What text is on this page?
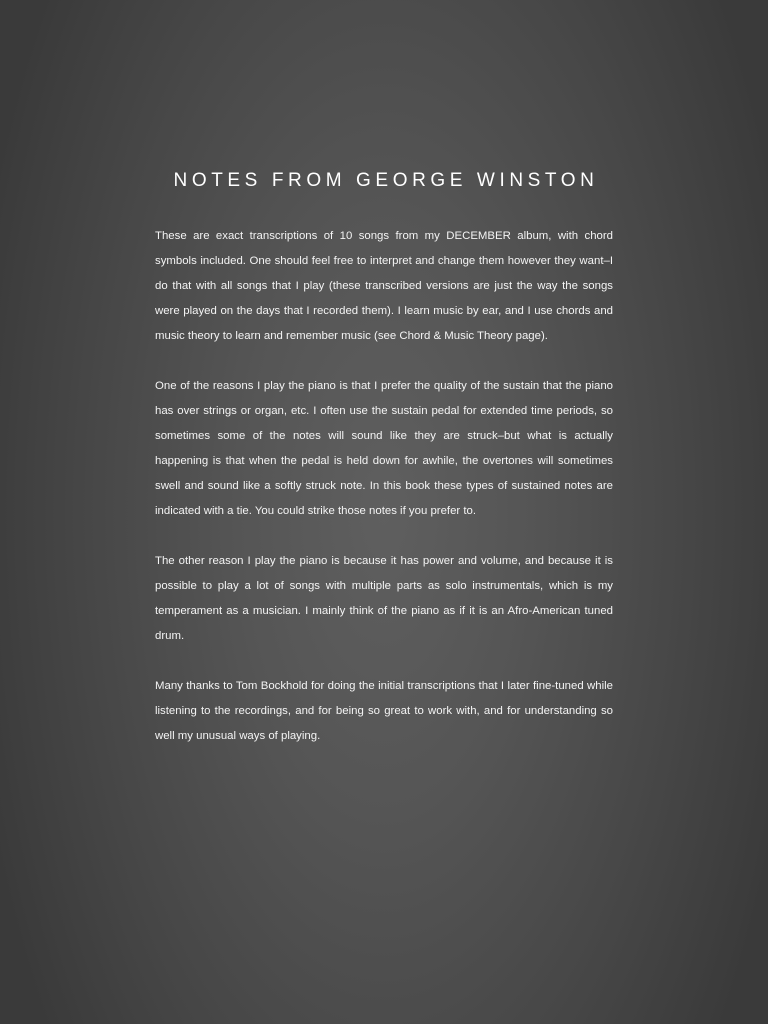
NOTES FROM GEORGE WINSTON

These are exact transcriptions of 10 songs from my DECEMBER album, with chord symbols included. One should feel free to interpret and change them however they want–I do that with all songs that I play (these transcribed versions are just the way the songs were played on the days that I recorded them). I learn music by ear, and I use chords and music theory to learn and remember music (see Chord & Music Theory page).

One of the reasons I play the piano is that I prefer the quality of the sustain that the piano has over strings or organ, etc. I often use the sustain pedal for extended time periods, so sometimes some of the notes will sound like they are struck–but what is actually happening is that when the pedal is held down for awhile, the overtones will sometimes swell and sound like a softly struck note. In this book these types of sustained notes are indicated with a tie. You could strike those notes if you prefer to.

The other reason I play the piano is because it has power and volume, and because it is possible to play a lot of songs with multiple parts as solo instrumentals, which is my temperament as a musician. I mainly think of the piano as if it is an Afro-American tuned drum.

Many thanks to Tom Bockhold for doing the initial transcriptions that I later fine-tuned while listening to the recordings, and for being so great to work with, and for understanding so well my unusual ways of playing.
